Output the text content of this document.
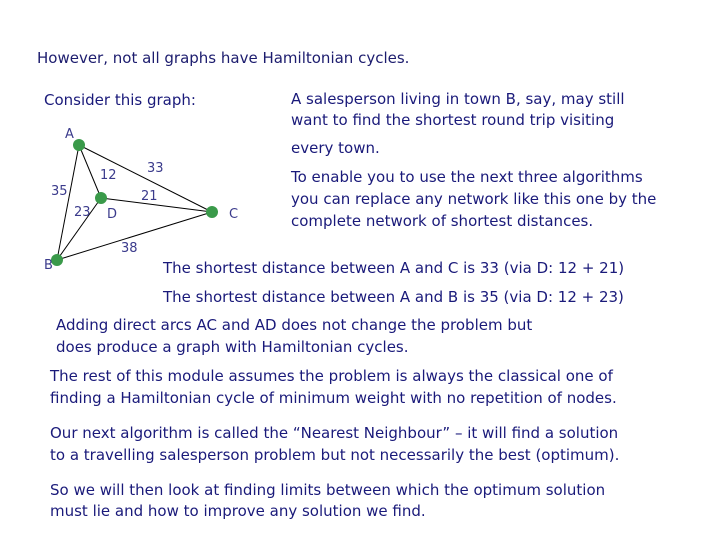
However, not all graphs have Hamiltonian cycles.
Consider this graph:
A
B
C
D
35
12 33
23
21
38
A salesperson living in town B, say, may still
want to find the shortest round trip visiting
every town.
To enable you to use the next three algorithms
you can replace any network like this one by the
complete network of shortest distances.
The shortest distance between A and C is 33 (via D: 12 + 21)
The shortest distance between A and B is 35 (via D: 12 + 23)
Adding direct arcs AC and AD does not change the problem but
does produce a graph with Hamiltonian cycles.
The rest of this module assumes the problem is always the classical one of
finding a Hamiltonian cycle of minimum weight with no repetition of nodes.
Our next algorithm is called the “Nearest Neighbour” – it will find a solution
to a travelling salesperson problem but not necessarily the best (optimum).
So we will then look at finding limits between which the optimum solution
must lie and how to improve any solution we find.
